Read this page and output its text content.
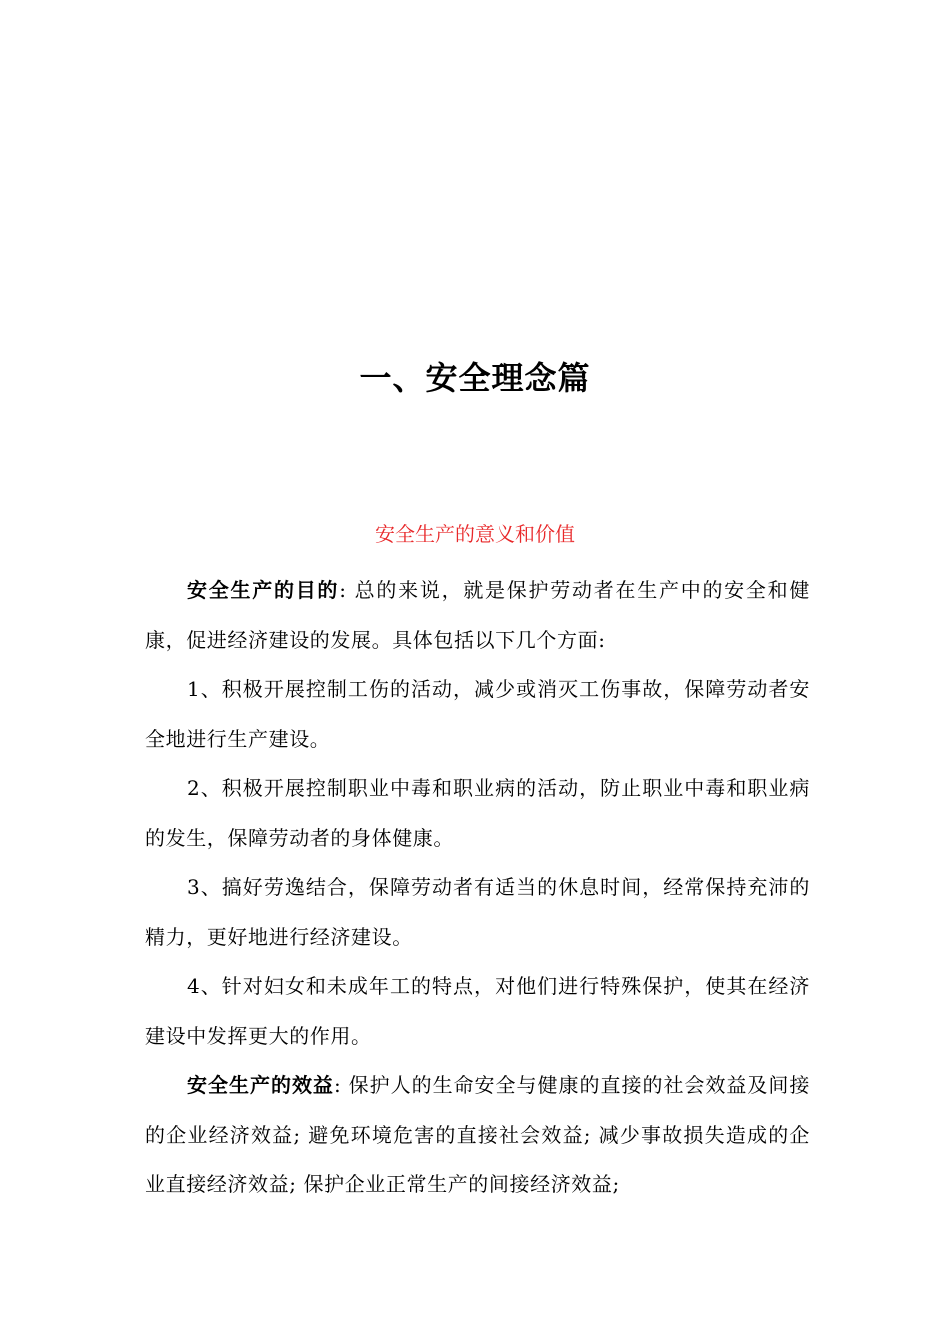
一、安全理念篇
安全生产的意义和价值

安全生产的目的: 总的来说，就是保护劳动者在生产中的安全和健康，促进经济建设的发展。具体包括以下几个方面:

1、积极开展控制工伤的活动，减少或消灭工伤事故，保障劳动者安全地进行生产建设。

2、积极开展控制职业中毒和职业病的活动，防止职业中毒和职业病的发生，保障劳动者的身体健康。

3、搞好劳逸结合，保障劳动者有适当的休息时间，经常保持充沛的精力，更好地进行经济建设。

4、针对妇女和未成年工的特点，对他们进行特殊保护，使其在经济建设中发挥更大的作用。

安全生产的效益: 保护人的生命安全与健康的直接的社会效益及间接的企业经济效益; 避免环境危害的直接社会效益; 减少事故损失造成的企业直接经济效益; 保护企业正常生产的间接经济效益;
